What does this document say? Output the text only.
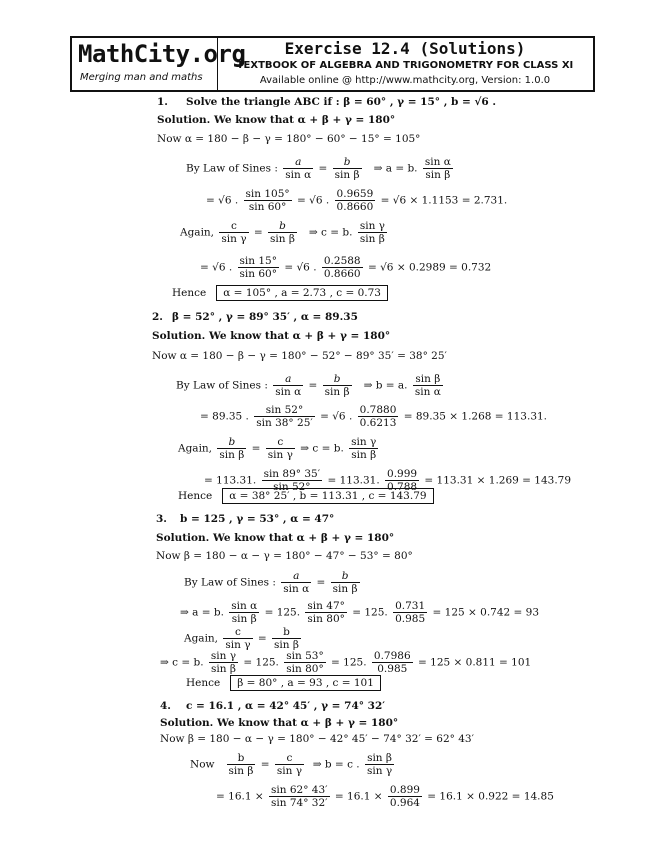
MathCity.org
Merging man and maths
Exercise 12.4 (Solutions)
TEXTBOOK OF ALGEBRA AND TRIGONOMETRY FOR CLASS XI
Available online @ http://www.mathcity.org, Version: 1.0.0
1. Solve the triangle ABC if : β = 60° , γ = 15° , b = √6 .
Solution. We know that α + β + γ = 180°
Now α = 180 − β − γ = 180° − 60° − 15° = 105°
By Law of Sines : $\frac{a}{\text{sin α}} = \frac{b}{\text{sin β}}$ ⇒ a = b. $\frac{\text{sin α}}{\text{sin β}}$
= √6 . $\frac{\sin 105^\circ}{\sin 60^\circ} = √6$ . $\frac{0.9659}{0.8660} = √6 \times 1.1153 = 2.731$.
Again, $\frac{c}{\text{sin γ}} = \frac{b}{\text{sin β}}$ ⇒ c = b. $\frac{\text{sin γ}}{\text{sin β}}$
= √6 . $\frac{\sin 15^\circ}{\sin 60^\circ} = √6$ . $\frac{0.2588}{0.8660} = √6 \times 0.2989 = 0.732$
Hence α = 105° , a = 2.73 , c = 0.73
2. β = 52° , γ = 89° 35′ , α = 89.35
Solution. We know that α + β + γ = 180°
Now α = 180 − β − γ = 180° − 52° − 89° 35′ = 38° 25′
By Law of Sines : $\frac{a}{\text{sin α}} = \frac{b}{\text{sin β}}$ ⇒ b = a. $\frac{\text{sin β}}{\text{sin α}}$
= 89.35 . $\frac{\sin 52^\circ}{\sin 38^\circ 25'} = √6$ . $\frac{0.7880}{0.6213} = 89.35 \times 1.268 = 113.31$.
Again, $\frac{b}{\text{sin β}} = \frac{c}{\text{sin γ}}$ ⇒ c = b. $\frac{\text{sin γ}}{\text{sin β}}$
= 113.31. $\frac{\sin 89^\circ 35'}{\sin 52^\circ} = 113.31$. $\frac{0.999}{0.788} = 113.31 \times 1.269 = 143.79$
Hence α = 38° 25′ , b = 113.31 , c = 143.79
3. b = 125 , γ = 53° , α = 47°
Solution. We know that α + β + γ = 180°
Now β = 180 − α − γ = 180° − 47° − 53° = 80°
By Law of Sines : $\frac{a}{\text{sin α}} = \frac{b}{\text{sin β}}$
⇒ a = b. $\frac{\text{sin α}}{\text{sin β}} = 125$. $\frac{\sin 47^\circ}{\sin 80^\circ} = 125$. $\frac{0.731}{0.985} = 125 \times 0.742 = 93$
Again, $\frac{c}{\text{sin γ}} = \frac{b}{\text{sin β}}$
⇒ c = b. $\frac{\text{sin γ}}{\text{sin β}} = 125$. $\frac{\sin 53^\circ}{\sin 80^\circ} = 125$. $\frac{0.7986}{0.985} = 125 \times 0.811 = 101$
Hence β = 80° , a = 93 , c = 101
4. c = 16.1 , α = 42° 45′ , γ = 74° 32′
Solution. We know that α + β + γ = 180°
Now β = 180 − α − γ = 180° − 42° 45′ − 74° 32′ = 62° 43′
Now $\frac{b}{\text{sin β}} = \frac{c}{\text{sin γ}}$ ⇒ b = c . $\frac{\text{sin β}}{\text{sin γ}}$
= $16.1 \times \frac{\sin 62^\circ 43'}{\sin 74^\circ 32'} = 16.1 \times \frac{0.899}{0.964} = 16.1 \times 0.922 = 14.85$
